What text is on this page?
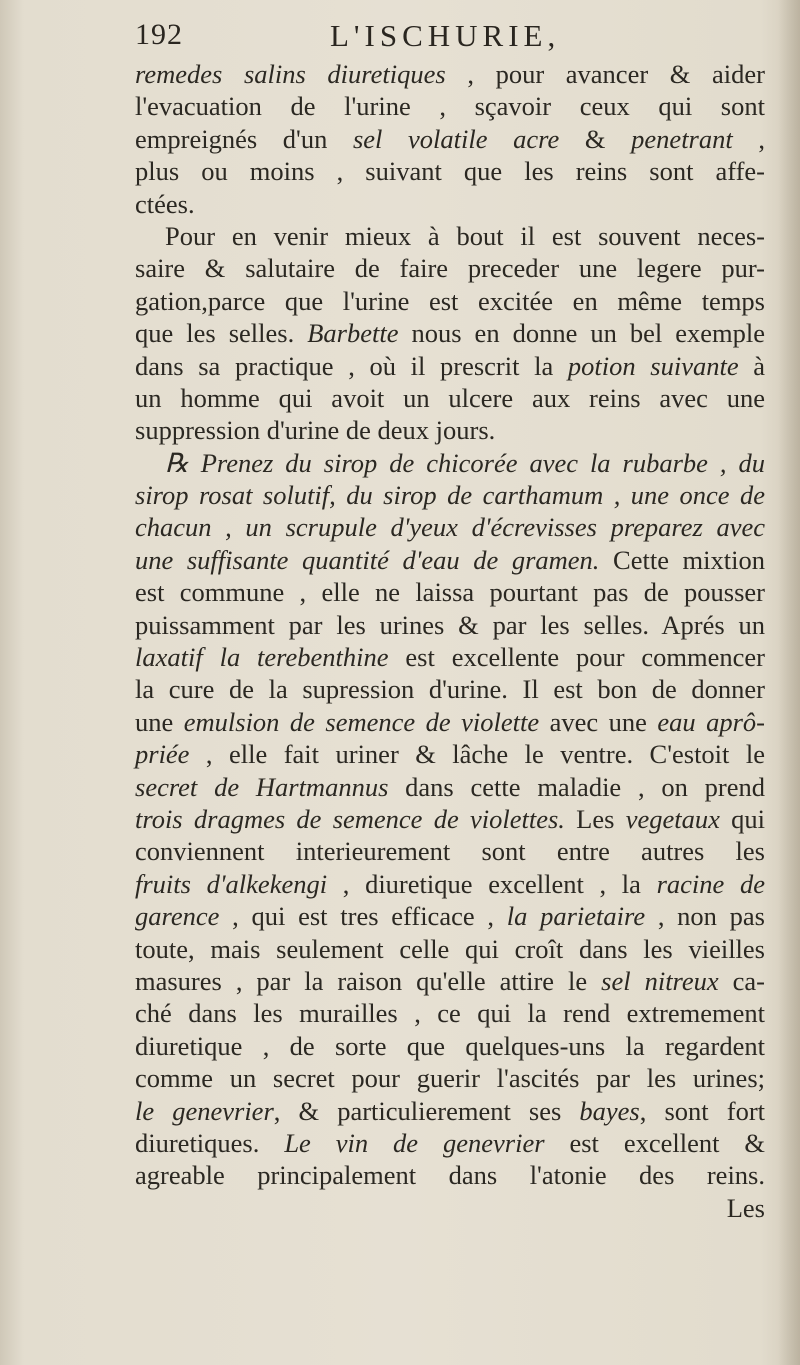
192	L'ISCHURIE,
remedes salins diuretiques , pour avancer & aider
l'evacuation de l'urine , sçavoir ceux qui sont
empreignés d'un sel volatile acre & penetrant ,
plus ou moins , suivant que les reins sont affe-
ctées.
Pour en venir mieux à bout il est souvent neces-
saire & salutaire de faire preceder une legere pur-
gation,parce que l'urine est excitée en même temps
que les selles. Barbette nous en donne un bel exemple
dans sa practique , où il prescrit la potion suivante à
un homme qui avoit un ulcere aux reins avec une
suppression d'urine de deux jours.
℞ Prenez du sirop de chicorée avec la rubarbe , du
sirop rosat solutif, du sirop de carthamum , une once de
chacun , un scrupule d'yeux d'écrevisses preparez avec
une suffisante quantité d'eau de gramen. Cette mixtion
est commune , elle ne laissa pourtant pas de pousser
puissamment par les urines & par les selles. Aprés un
laxatif la terebenthine est excellente pour commencer
la cure de la supression d'urine. Il est bon de donner
une emulsion de semence de violette avec une eau aprô-
priée , elle fait uriner & lâche le ventre. C'estoit le
secret de Hartmannus dans cette maladie , on prend
trois dragmes de semence de violettes. Les vegetaux qui
conviennent interieurement sont entre autres les
fruits d'alkekengi , diuretique excellent , la racine de
garence , qui est tres efficace , la parietaire , non pas
toute, mais seulement celle qui croît dans les vieilles
masures , par la raison qu'elle attire le sel nitreux ca-
ché dans les murailles , ce qui la rend extremement
diuretique , de sorte que quelques-uns la regardent
comme un secret pour guerir l'ascités par les urines;
le genevrier, & particulierement ses bayes, sont fort
diuretiques. Le vin de genevrier est excellent &
agreable principalement dans l'atonie des reins.
Les
